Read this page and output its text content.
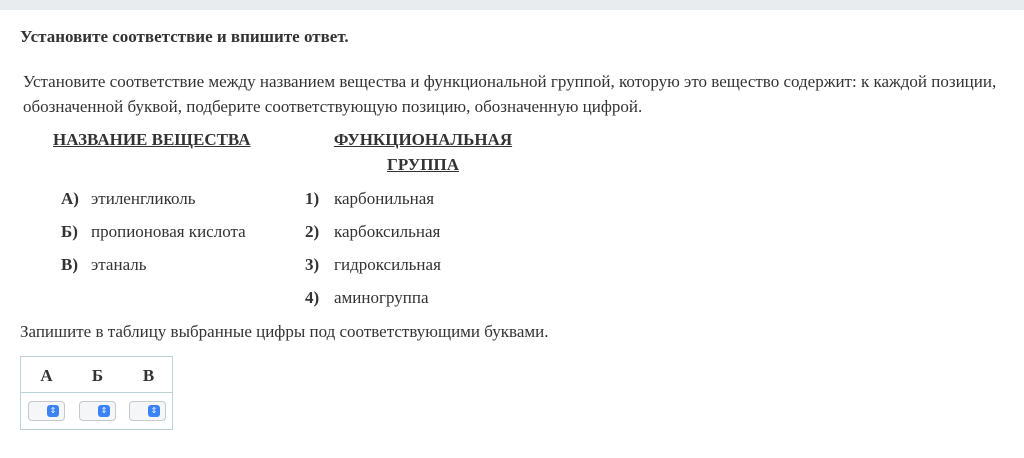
Установите соответствие и впишите ответ.
Установите соответствие между названием вещества и функциональной группой, которую это вещество содержит: к каждой позиции, обозначенной буквой, подберите соответствующую позицию, обозначенную цифрой.
НАЗВАНИЕ ВЕЩЕСТВА	ФУНКЦИОНАЛЬНАЯ
ГРУППА
А) этиленгликоль
Б) пропионовая кислота
В) этаналь
1) карбонильная
2) карбоксильная
3) гидроксильная
4) аминогруппа
Запишите в таблицу выбранные цифры под соответствующими буквами.
А	Б	В
⇕	⇕	⇕
